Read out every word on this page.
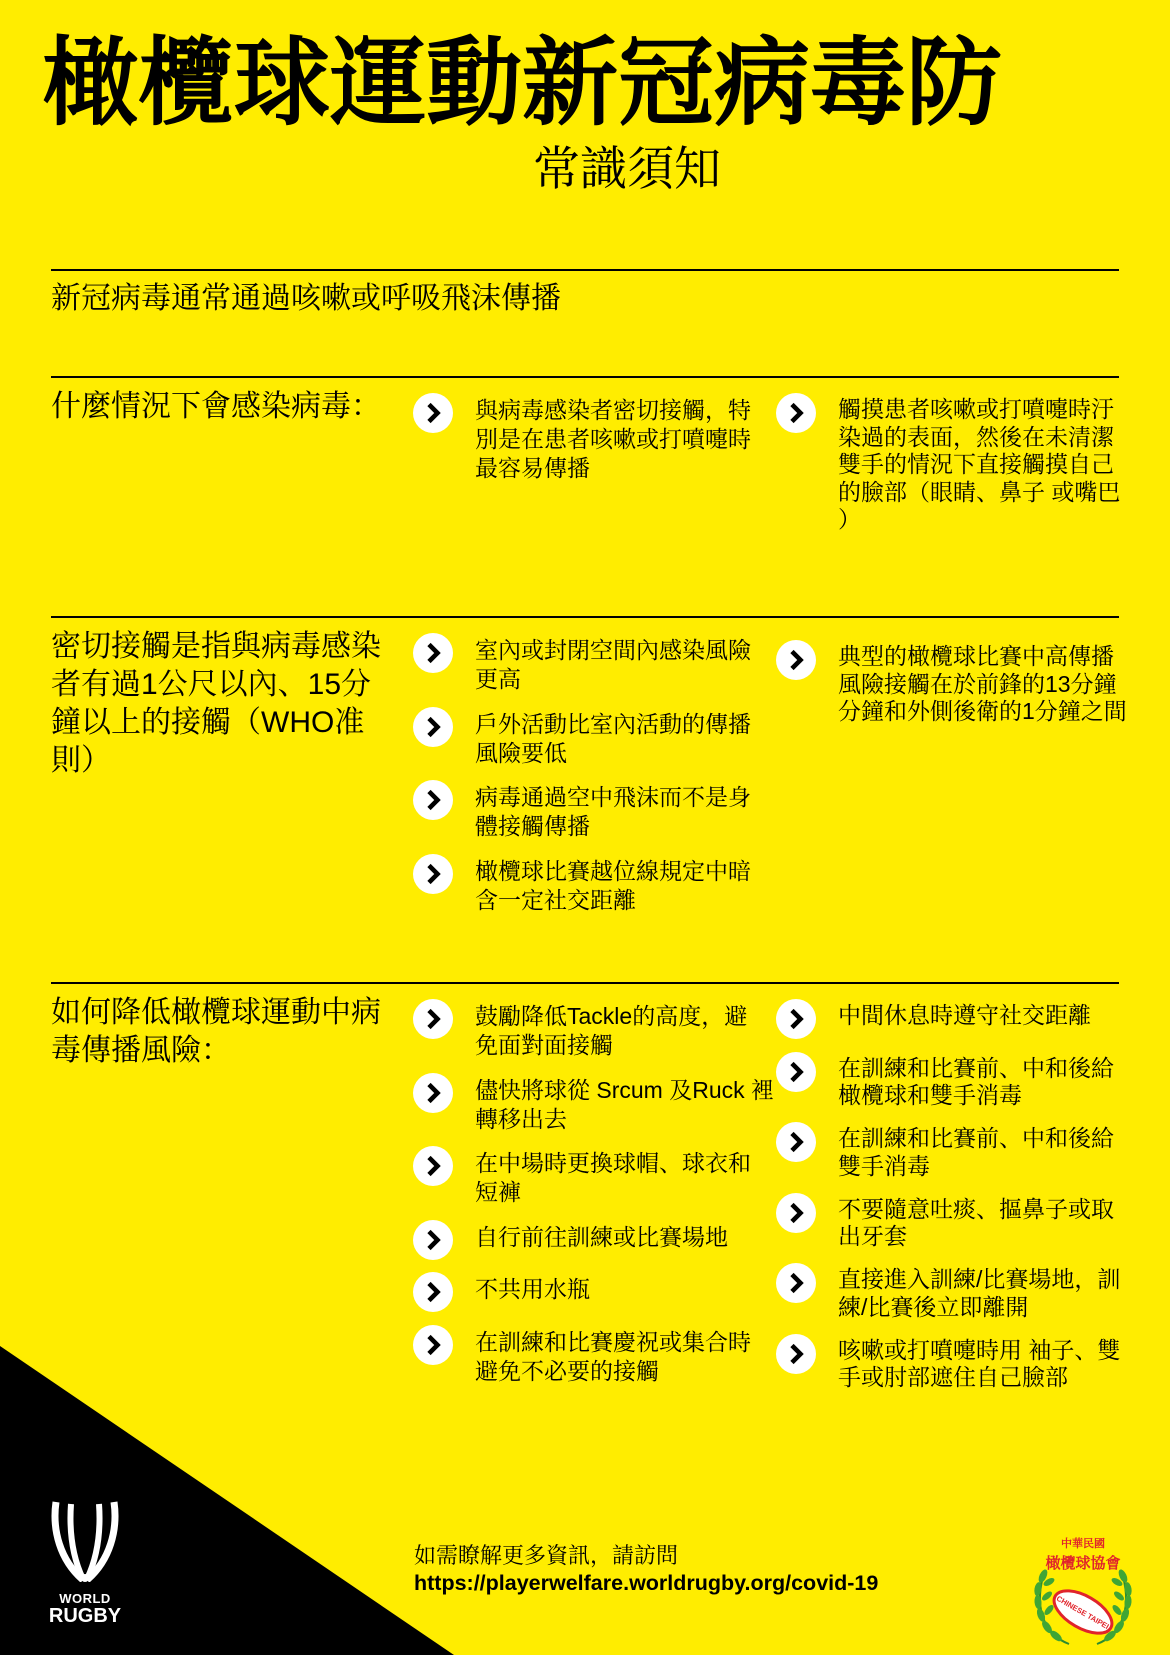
橄欖球運動新冠病毒防
常識須知
新冠病毒通常通過咳嗽或呼吸飛沫傳播
什麼情況下會感染病毒：	與病毒感染者密切接觸，特
別是在患者咳嗽或打噴嚏時
最容易傳播
觸摸患者咳嗽或打噴嚏時汙
染過的表面，然後在未清潔
雙手的情況下直接觸摸自己
的臉部（眼睛、鼻子 或嘴巴
）
密切接觸是指與病毒感染
者有過1公尺以內、15分
鐘以上的接觸（WHO准
則）
室內或封閉空間內感染風險
更高
戶外活動比室內活動的傳播
風險要低
病毒通過空中飛沫而不是身
體接觸傳播
橄欖球比賽越位線規定中暗
含一定社交距離
典型的橄欖球比賽中高傳播
風險接觸在於前鋒的13分鐘
分鐘和外側後衛的1分鐘之間
如何降低橄欖球運動中病
毒傳播風險：
鼓勵降低Tackle的高度，避
免面對面接觸
儘快將球從 Srcum 及Ruck 裡
轉移出去
在中場時更換球帽、球衣和
短褲
自行前往訓練或比賽場地
不共用水瓶
在訓練和比賽慶祝或集合時
避免不必要的接觸
中間休息時遵守社交距離
在訓練和比賽前、中和後給
橄欖球和雙手消毒
在訓練和比賽前、中和後給
雙手消毒
不要隨意吐痰、摳鼻子或取
出牙套
直接進入訓練/比賽場地，訓
練/比賽後立即離開
咳嗽或打噴嚏時用 袖子、雙
手或肘部遮住自己臉部
如需瞭解更多資訊，請訪問
https://playerwelfare.worldrugby.org/covid-19
WORLD
RUGBY
中華民國
橄欖球協會
CHINESE TAIPEI
